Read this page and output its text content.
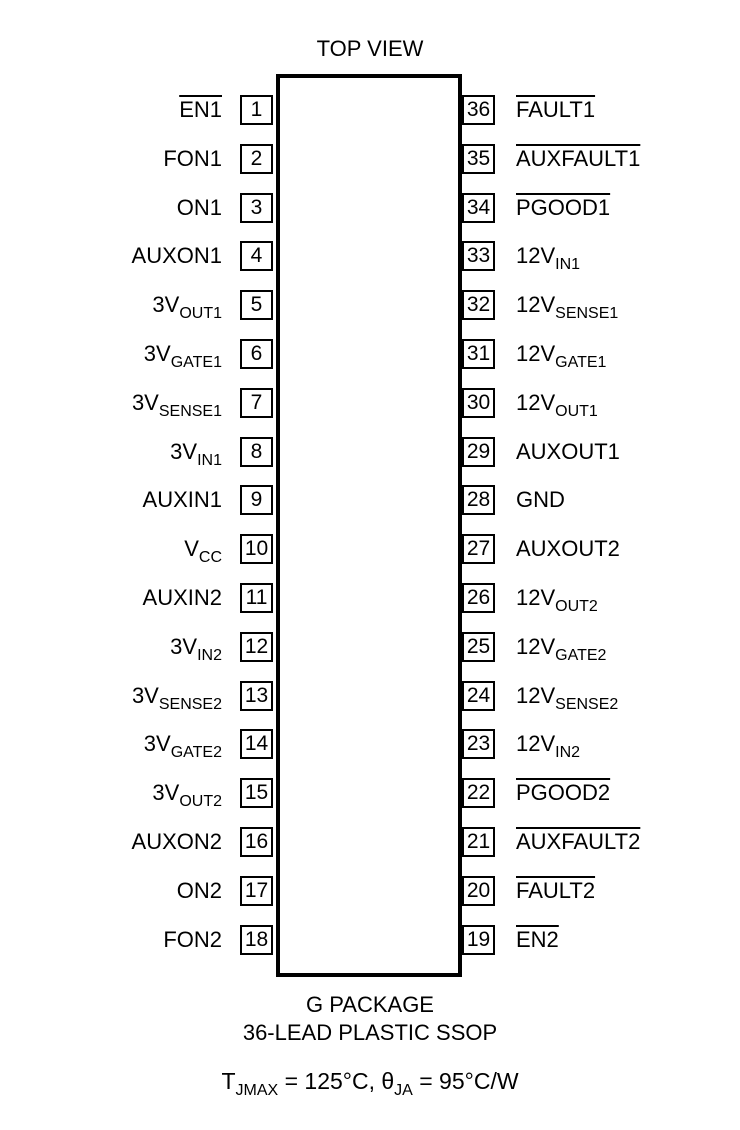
TOP VIEW
1
EN1
2
FON1
3
ON1
4
AUXON1
5
$3V_{OUT1}$
6
$3V_{GATE1}$
7
$3V_{SENSE1}$
8
$3V_{IN1}$
9
AUXIN1
10
$V_{CC}$
11
AUXIN2
12
$3V_{IN2}$
13
$3V_{SENSE2}$
14
$3V_{GATE2}$
15
$3V_{OUT2}$
16
AUXON2
17
ON2
18
FON2
36 FAULT1
35 AUXFAULT1
34 PGOOD1
33 $12V_{IN1}$
32 $12V_{SENSE1}$
31 $12V_{GATE1}$
30 $12V_{OUT1}$
29 AUXOUT1
28 GND
27 AUXOUT2
26 $12V_{OUT2}$
25 $12V_{GATE2}$
24 $12V_{SENSE2}$
23 $12V_{IN2}$
22 PGOOD2
21 AUXFAULT2
20 FAULT2
19 EN2
G PACKAGE
36-LEAD PLASTIC SSOP
$T_{JMAX} = 125^\circ C$, $\theta_{JA} = 95^\circ C/W$
